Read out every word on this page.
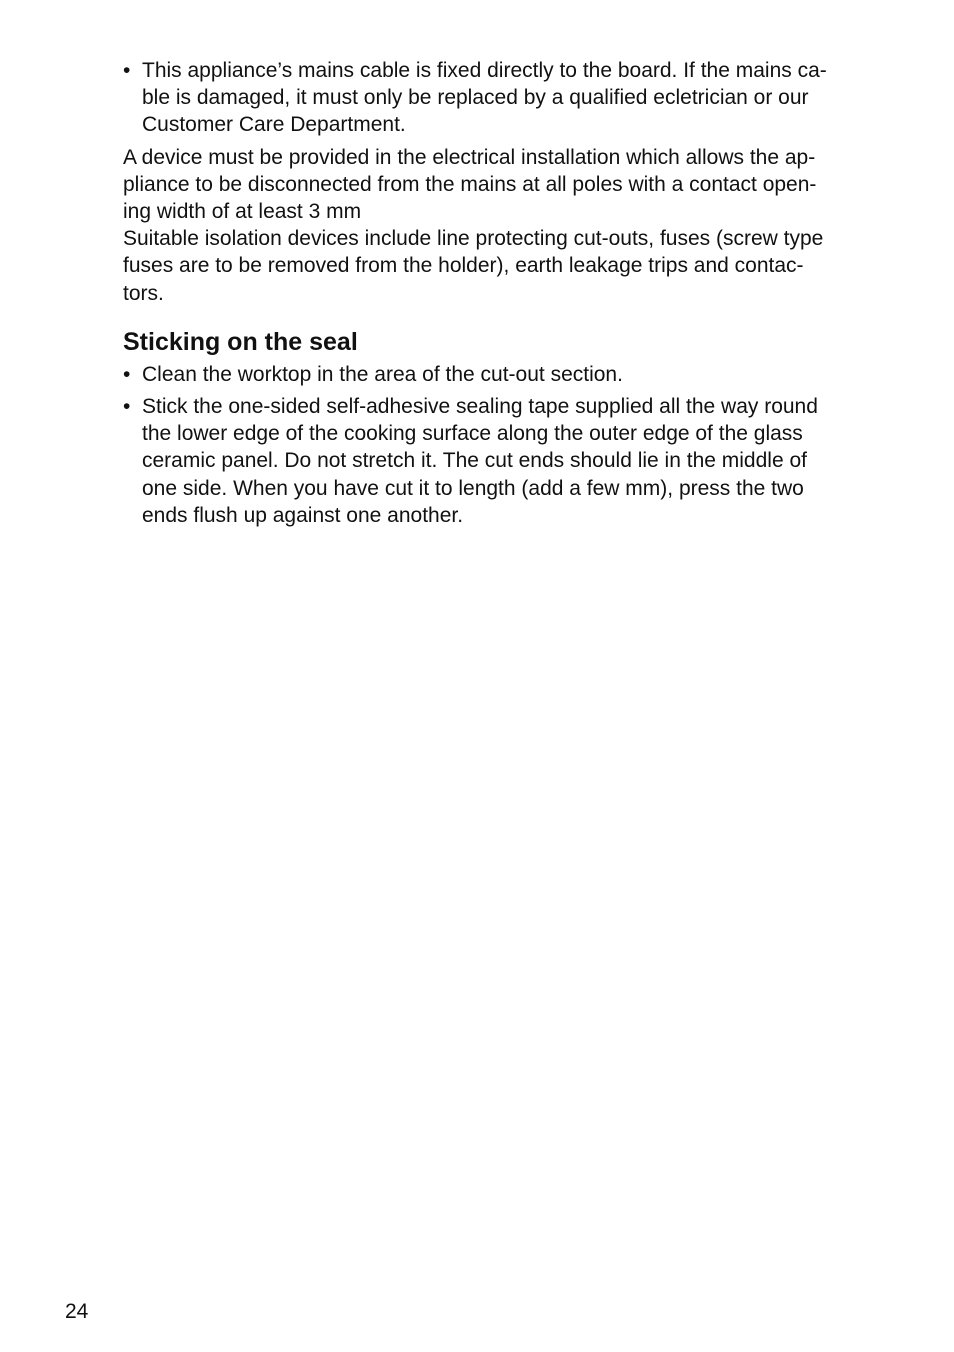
• This appliance’s mains cable is fixed directly to the board. If the mains ca-
ble is damaged, it must only be replaced by a qualified ecletrician or our
Customer Care Department.

A device must be provided in the electrical installation which allows the ap-
pliance to be disconnected from the mains at all poles with a contact open-
ing width of at least 3 mm

Suitable isolation devices include line protecting cut-outs, fuses (screw type
fuses are to be removed from the holder), earth leakage trips and contac-
tors.

Sticking on the seal
• Clean the worktop in the area of the cut-out section.
• Stick the one-sided self-adhesive sealing tape supplied all the way round
the lower edge of the cooking surface along the outer edge of the glass
ceramic panel. Do not stretch it. The cut ends should lie in the middle of
one side. When you have cut it to length (add a few mm), press the two
ends flush up against one another.
24
